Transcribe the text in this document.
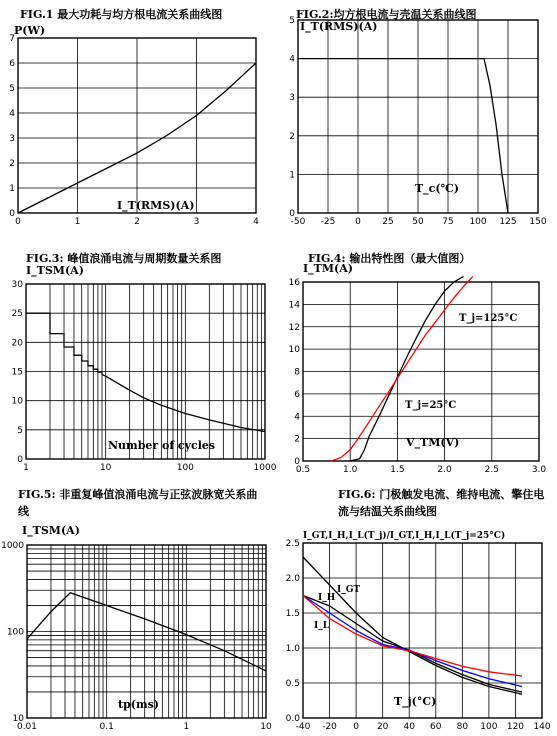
FIG.1 最大功耗与均方根电流关系曲线图	FIG.2:均方根电流与壳温关系曲线图
FIG.3: 峰值浪涌电流与周期数量关系图	FIG.4: 输出特性图（最大值图）
FIG.5: 非重复峰值浪涌电流与正弦波脉宽关系曲线
FIG.6: 门极触发电流、维持电流、擎住电流与结温关系曲线图
0	1	2	3	4
0
1
2
3
4
5
6
7
-50 -25 0 25 50 75 100 125 150
0
1
2
3
4
5
1	10	100	1000
0
5
10
15
20
25
30
0.5	1.0	1.5	2.0	2.5	3.0
0
2
4
6
8
10
12
14
16
0.01	0.1	1	10
10
100
1000
-40 -20 0 20 40 60 80 100 120 140
0.0
0.5
1.0
1.5
2.0
2.5
P(W)
I_T(RMS)(A)
I_T(RMS)(A)
T_c(℃)
I_TSM(A)
Number of cycles
I_TM(A)
V_TM(V)
T_j=125°C
T_j=25°C
I_TSM(A)
tp(ms)
I_GT,I_H,I_L(T_j)/I_GT,I_H,I_L(T_j=25°C)
T_j(°C)
I_GT
I_H
I_L
